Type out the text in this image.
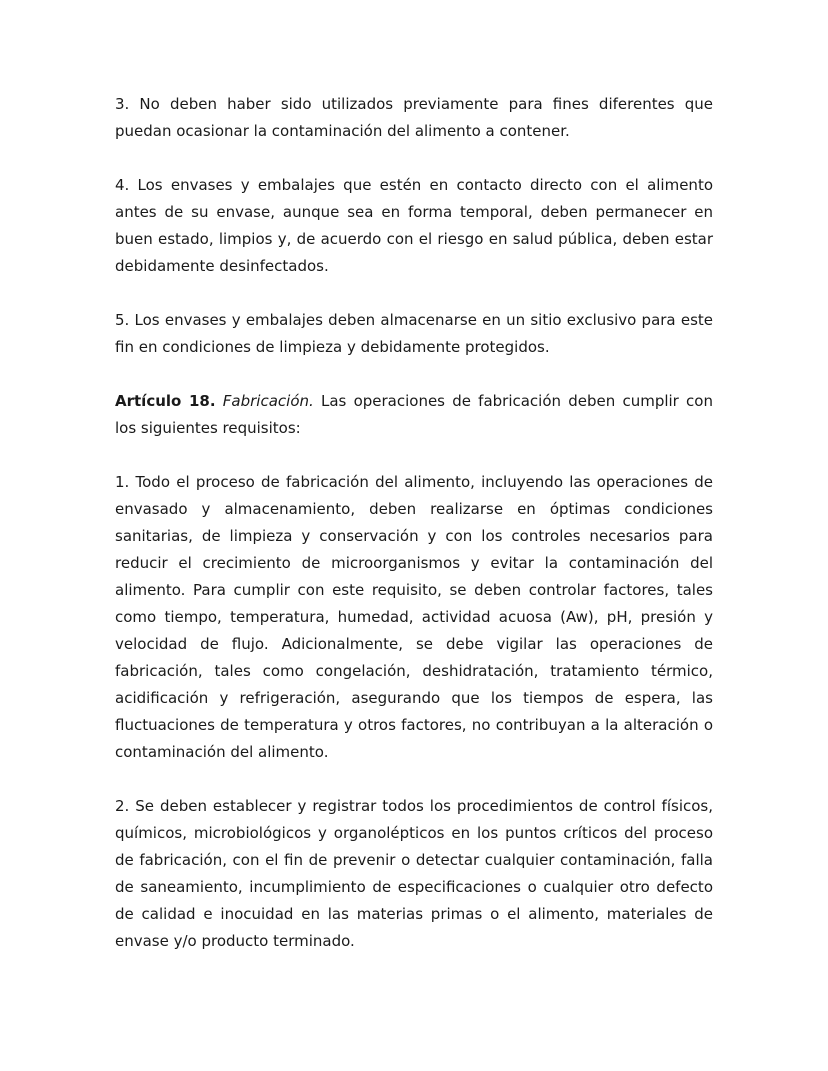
3. No deben haber sido utilizados previamente para fines diferentes que puedan ocasionar la contaminación del alimento a contener.

4. Los envases y embalajes que estén en contacto directo con el alimento antes de su envase, aunque sea en forma temporal, deben permanecer en buen estado, limpios y, de acuerdo con el riesgo en salud pública, deben estar debidamente desinfectados.

5. Los envases y embalajes deben almacenarse en un sitio exclusivo para este fin en condiciones de limpieza y debidamente protegidos.

Artículo 18. Fabricación. Las operaciones de fabricación deben cumplir con los siguientes requisitos:

1. Todo el proceso de fabricación del alimento, incluyendo las operaciones de envasado y almacenamiento, deben realizarse en óptimas condiciones sanitarias, de limpieza y conservación y con los controles necesarios para reducir el crecimiento de microorganismos y evitar la contaminación del alimento. Para cumplir con este requisito, se deben controlar factores, tales como tiempo, temperatura, humedad, actividad acuosa (Aw), pH, presión y velocidad de flujo. Adicionalmente, se debe vigilar las operaciones de fabricación, tales como congelación, deshidratación, tratamiento térmico, acidificación y refrigeración, asegurando que los tiempos de espera, las fluctuaciones de temperatura y otros factores, no contribuyan a la alteración o contaminación del alimento.

2. Se deben establecer y registrar todos los procedimientos de control físicos, químicos, microbiológicos y organolépticos en los puntos críticos del proceso de fabricación, con el fin de prevenir o detectar cualquier contaminación, falla de saneamiento, incumplimiento de especificaciones o cualquier otro defecto de calidad e inocuidad en las materias primas o el alimento, materiales de envase y/o producto terminado.
